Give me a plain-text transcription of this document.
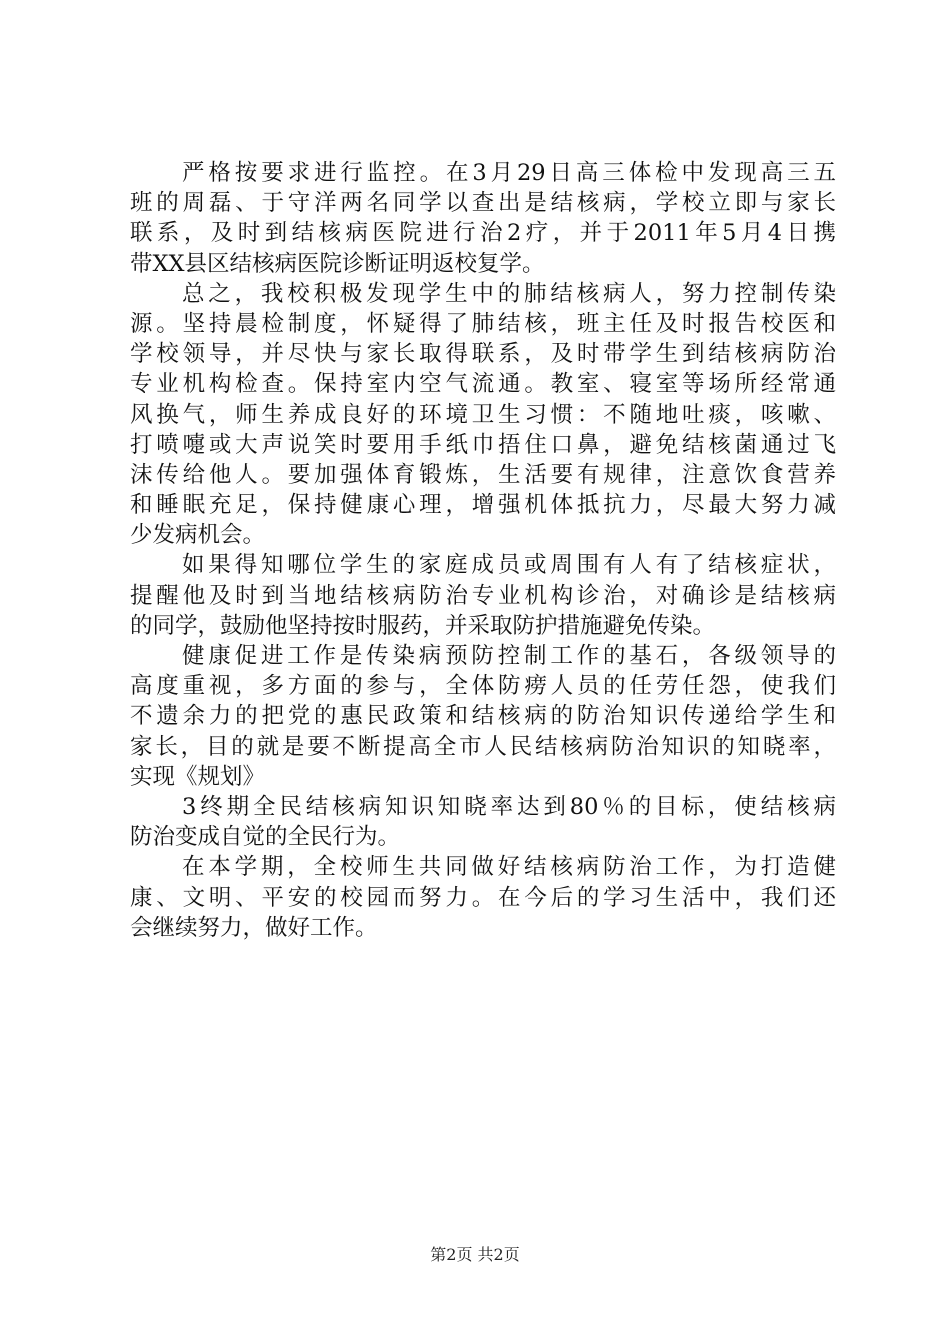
严格按要求进行监控。在3月29日高三体检中发现高三五
班的周磊、于守洋两名同学以查出是结核病，学校立即与家长
联系，及时到结核病医院进行治2疗，并于2011年5月4日携
带XX县区结核病医院诊断证明返校复学。
总之，我校积极发现学生中的肺结核病人，努力控制传染
源。坚持晨检制度，怀疑得了肺结核，班主任及时报告校医和
学校领导，并尽快与家长取得联系，及时带学生到结核病防治
专业机构检查。保持室内空气流通。教室、寝室等场所经常通
风换气，师生养成良好的环境卫生习惯：不随地吐痰，咳嗽、
打喷嚏或大声说笑时要用手纸巾捂住口鼻，避免结核菌通过飞
沫传给他人。要加强体育锻炼，生活要有规律，注意饮食营养
和睡眠充足，保持健康心理，增强机体抵抗力，尽最大努力减
少发病机会。
如果得知哪位学生的家庭成员或周围有人有了结核症状，
提醒他及时到当地结核病防治专业机构诊治，对确诊是结核病
的同学，鼓励他坚持按时服药，并采取防护措施避免传染。
健康促进工作是传染病预防控制工作的基石，各级领导的
高度重视，多方面的参与，全体防痨人员的任劳任怨，使我们
不遗余力的把党的惠民政策和结核病的防治知识传递给学生和
家长，目的就是要不断提高全市人民结核病防治知识的知晓率，
实现《规划》
3终期全民结核病知识知晓率达到80％的目标，使结核病
防治变成自觉的全民行为。
在本学期，全校师生共同做好结核病防治工作，为打造健
康、文明、平安的校园而努力。在今后的学习生活中，我们还
会继续努力，做好工作。
第2页 共2页
